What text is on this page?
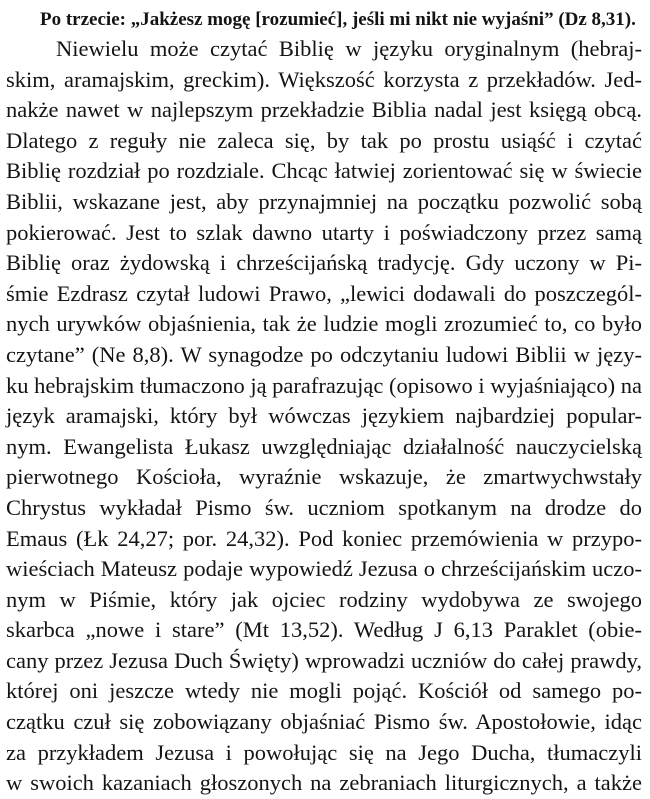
Po trzecie: „Jakżesz mogę [rozumieć], jeśli mi nikt nie wyjaśni” (Dz 8,31).
Niewielu może czytać Biblię w języku oryginalnym (hebraj-
skim, aramajskim, greckim). Większość korzysta z przekładów. Jed-
nakże nawet w najlepszym przekładzie Biblia nadal jest księgą obcą.
Dlatego z reguły nie zaleca się, by tak po prostu usiąść i czytać
Biblię rozdział po rozdziale. Chcąc łatwiej zorientować się w świecie
Biblii, wskazane jest, aby przynajmniej na początku pozwolić sobą
pokierować. Jest to szlak dawno utarty i poświadczony przez samą
Biblię oraz żydowską i chrześcijańską tradycję. Gdy uczony w Pi-
śmie Ezdrasz czytał ludowi Prawo, „lewici dodawali do poszczegól-
nych urywków objaśnienia, tak że ludzie mogli zrozumieć to, co było
czytane” (Ne 8,8). W synagodze po odczytaniu ludowi Biblii w języ-
ku hebrajskim tłumaczono ją parafrazując (opisowo i wyjaśniająco) na
język aramajski, który był wówczas językiem najbardziej popular-
nym. Ewangelista Łukasz uwzględniając działalność nauczycielską
pierwotnego Kościoła, wyraźnie wskazuje, że zmartwychwstały
Chrystus wykładał Pismo św. uczniom spotkanym na drodze do
Emaus (Łk 24,27; por. 24,32). Pod koniec przemówienia w przypo-
wieściach Mateusz podaje wypowiedź Jezusa o chrześcijańskim uczo-
nym w Piśmie, który jak ojciec rodziny wydobywa ze swojego
skarbca „nowe i stare” (Mt 13,52). Według J 6,13 Paraklet (obie-
cany przez Jezusa Duch Święty) wprowadzi uczniów do całej prawdy,
której oni jeszcze wtedy nie mogli pojąć. Kościół od samego po-
czątku czuł się zobowiązany objaśniać Pismo św. Apostołowie, idąc
za przykładem Jezusa i powołując się na Jego Ducha, tłumaczyli
w swoich kazaniach głoszonych na zebraniach liturgicznych, a także
